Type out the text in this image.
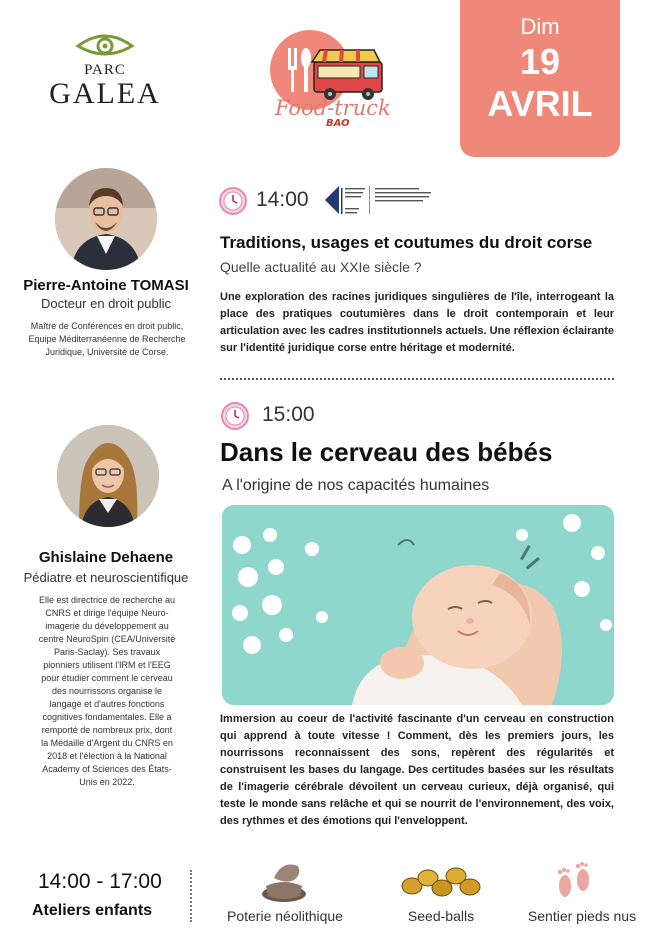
PARC
GALEA	Food-truck
BAO
Dim
19
AVRIL
Pierre-Antoine TOMASI
Docteur en droit public
Maître de Conférences en droit public, Equipe Méditerranéenne de Recherche Juridique, Université de Corse.
14:00
Traditions, usages et coutumes du droit corse
Quelle actualité au XXIe siècle ?
Une exploration des racines juridiques singulières de l'île, interrogeant la place des pratiques coutumières dans le droit contemporain et leur articulation avec les cadres institutionnels actuels. Une réflexion éclairante sur l'identité juridique corse entre héritage et modernité.
Ghislaine Dehaene
Pédiatre et neuroscientifique
Elle est directrice de recherche au CNRS et dirige l'équipe Neuro-imagerie du développement au centre NeuroSpin (CEA/Université Paris-Saclay). Ses travaux pionniers utilisent l'IRM et l'EEG pour étudier comment le cerveau des nourrissons organise le langage et d'autres fonctions cognitives fondamentales. Elle a remporté de nombreux prix, dont la Médaille d'Argent du CNRS en 2018 et l'élection à la National Academy of Sciences des États-Unis en 2022.
15:00
Dans le cerveau des bébés
A l'origine de nos capacités humaines
Immersion au coeur de l'activité fascinante d'un cerveau en construction qui apprend à toute vitesse ! Comment, dès les premiers jours, les nourrissons reconnaissent des sons, repèrent des régularités et construisent les bases du langage. Des certitudes basées sur les résultats de l'imagerie cérébrale dévoilent un cerveau curieux, déjà organisé, qui teste le monde sans relâche et qui se nourrit de l'environnement, des voix, des rythmes et des émotions qui l'enveloppent.
14:00 - 17:00
Ateliers enfants	Poterie néolithique	Seed-balls	Sentier pieds nus
